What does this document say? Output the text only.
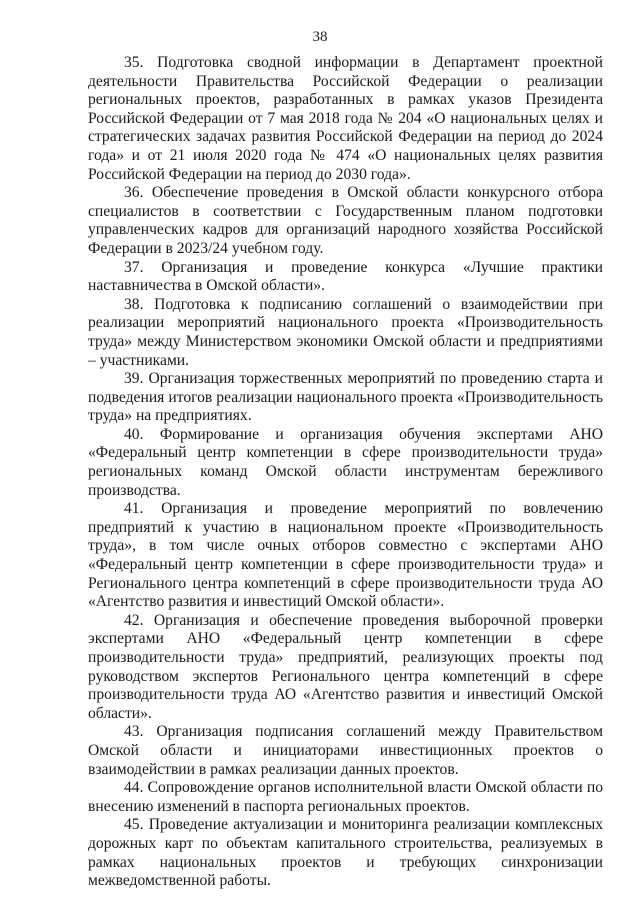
38

35. Подготовка сводной информации в Департамент проектной деятельности Правительства Российской Федерации о реализации региональных проектов, разработанных в рамках указов Президента Российской Федерации от 7 мая 2018 года № 204 «О национальных целях и стратегических задачах развития Российской Федерации на период до 2024 года» и от 21 июля 2020 года № 474 «О национальных целях развития Российской Федерации на период до 2030 года».

36. Обеспечение проведения в Омской области конкурсного отбора специалистов в соответствии с Государственным планом подготовки управленческих кадров для организаций народного хозяйства Российской Федерации в 2023/24 учебном году.

37. Организация и проведение конкурса «Лучшие практики наставничества в Омской области».

38. Подготовка к подписанию соглашений о взаимодействии при реализации мероприятий национального проекта «Производительность труда» между Министерством экономики Омской области и предприятиями – участниками.

39. Организация торжественных мероприятий по проведению старта и подведения итогов реализации национального проекта «Производительность труда» на предприятиях.

40. Формирование и организация обучения экспертами АНО «Федеральный центр компетенции в сфере производительности труда» региональных команд Омской области инструментам бережливого производства.

41. Организация и проведение мероприятий по вовлечению предприятий к участию в национальном проекте «Производительность труда», в том числе очных отборов совместно с экспертами АНО «Федеральный центр компетенции в сфере производительности труда» и Регионального центра компетенций в сфере производительности труда АО «Агентство развития и инвестиций Омской области».

42. Организация и обеспечение проведения выборочной проверки экспертами АНО «Федеральный центр компетенции в сфере производительности труда» предприятий, реализующих проекты под руководством экспертов Регионального центра компетенций в сфере производительности труда АО «Агентство развития и инвестиций Омской области».

43. Организация подписания соглашений между Правительством Омской области и инициаторами инвестиционных проектов о взаимодействии в рамках реализации данных проектов.

44. Сопровождение органов исполнительной власти Омской области по внесению изменений в паспорта региональных проектов.

45. Проведение актуализации и мониторинга реализации комплексных дорожных карт по объектам капитального строительства, реализуемых в рамках национальных проектов и требующих синхронизации межведомственной работы.
